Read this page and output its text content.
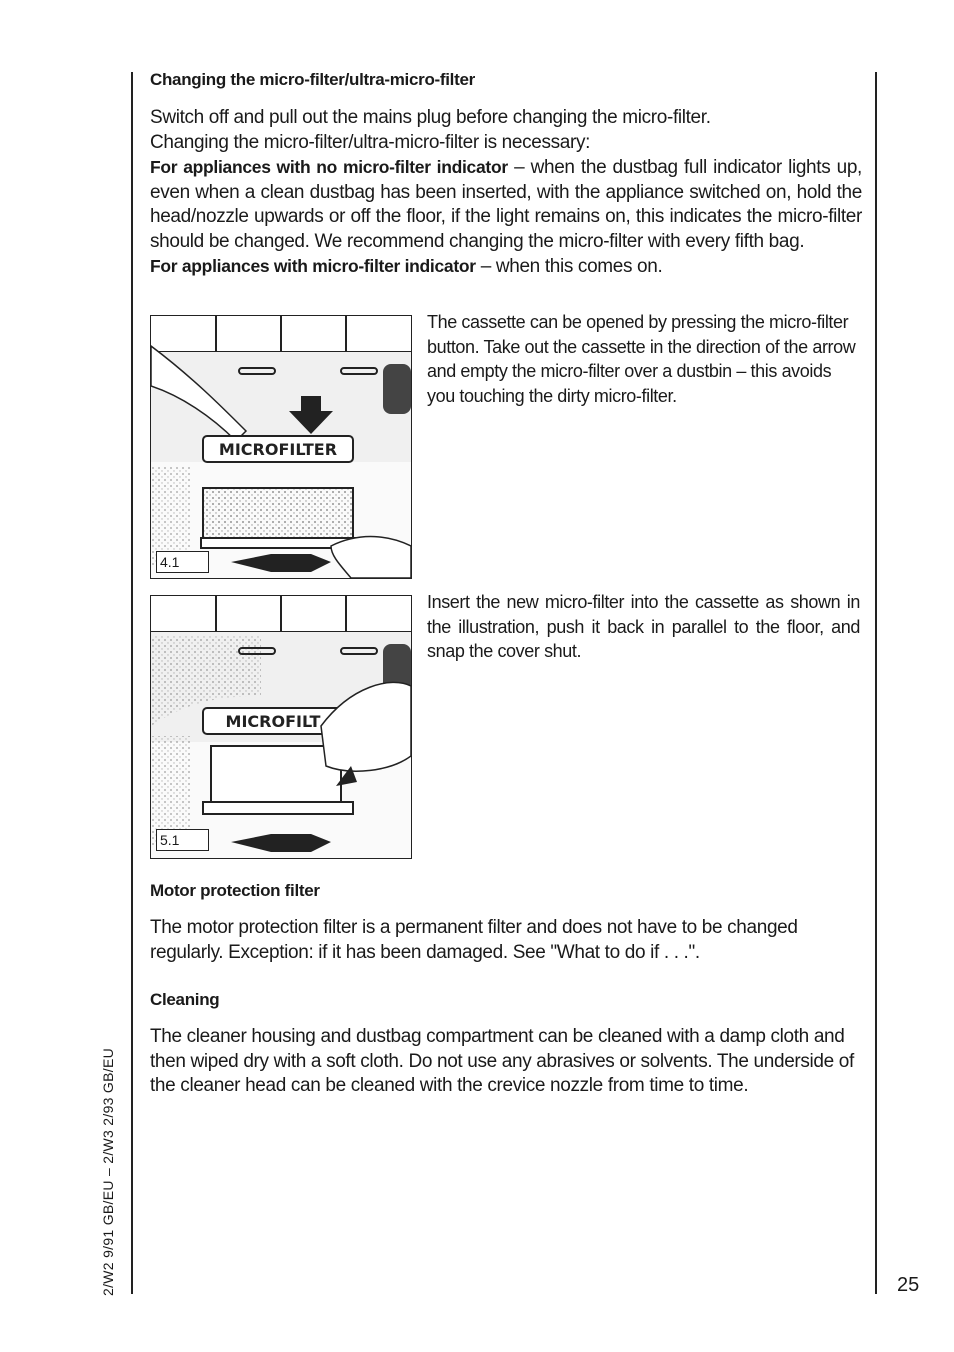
Changing the micro-filter/ultra-micro-filter

Switch off and pull out the mains plug before changing the micro-filter.

Changing the micro-filter/ultra-micro-filter is necessary:

For appliances with no micro-filter indicator – when the dustbag full indicator lights up, even when a clean dustbag has been inserted, with the appliance switched on, hold the head/nozzle upwards or off the floor, if the light remains on, this indicates the micro-filter should be changed. We recommend changing the micro-filter with every fifth bag.

For appliances with micro-filter indicator – when this comes on.

MICROFILTER
4.1

The cassette can be opened by pressing the micro-filter button. Take out the cassette in the direction of the arrow and empty the micro-filter over a dustbin – this avoids you touching the dirty micro-filter.

MICROFILT
5.1

Insert the new micro-filter into the cassette as shown in the illustration, push it back in parallel to the floor, and snap the cover shut.

Motor protection filter

The motor protection filter is a permanent filter and does not have to be changed regularly. Exception: if it has been damaged. See "What to do if . . .".

Cleaning

The cleaner housing and dustbag compartment can be cleaned with a damp cloth and then wiped dry with a soft cloth. Do not use any abrasives or solvents. The underside of the cleaner head can be cleaned with the crevice nozzle from time to time.

2/W2 9/91 GB/EU – 2/W3 2/93 GB/EU	25
